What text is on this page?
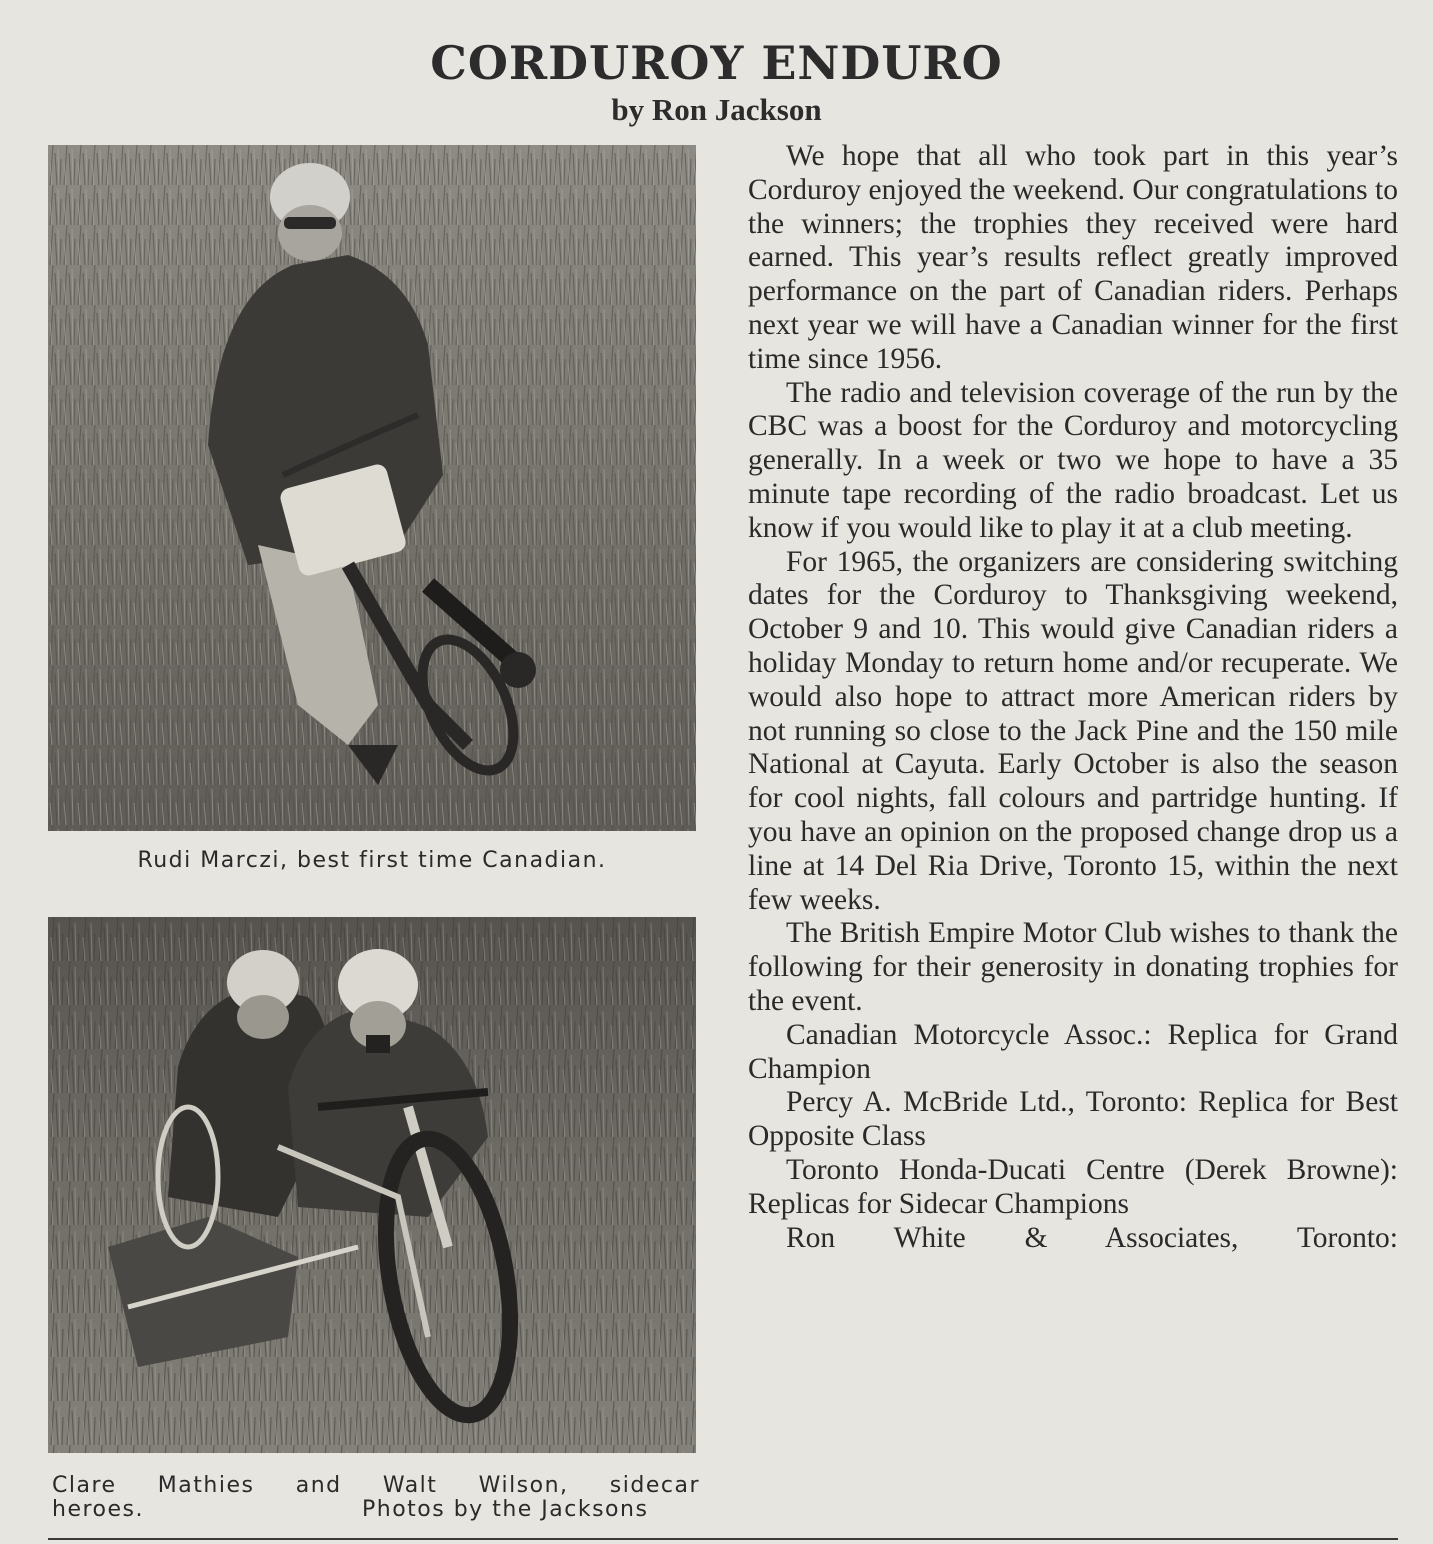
CORDUROY ENDURO
by Ron Jackson
Rudi Marczi, best first time Canadian.
Clare Mathies and Walt Wilson, sidecar
heroes.	Photos by the Jacksons

We hope that all who took part in this year’s Corduroy enjoyed the weekend. Our congratulations to the winners; the trophies they received were hard earned. This year’s results reflect greatly improved performance on the part of Canadian riders. Perhaps next year we will have a Canadian winner for the first time since 1956.

The radio and television coverage of the run by the CBC was a boost for the Corduroy and motorcycling generally. In a week or two we hope to have a 35 minute tape recording of the radio broadcast. Let us know if you would like to play it at a club meeting.

For 1965, the organizers are considering switching dates for the Corduroy to Thanksgiving weekend, October 9 and 10. This would give Canadian riders a holiday Monday to return home and/or recuperate. We would also hope to attract more American riders by not running so close to the Jack Pine and the 150 mile National at Cayuta. Early October is also the season for cool nights, fall colours and partridge hunting. If you have an opinion on the proposed change drop us a line at 14 Del Ria Drive, Toronto 15, within the next few weeks.

The British Empire Motor Club wishes to thank the following for their generosity in donating trophies for the event.

Canadian Motorcycle Assoc.: Replica for Grand Champion

Percy A. McBride Ltd., Toronto: Replica for Best Opposite Class

Toronto Honda-Ducati Centre (Derek Browne): Replicas for Sidecar Champions

Ron White & Associates, Toronto:
